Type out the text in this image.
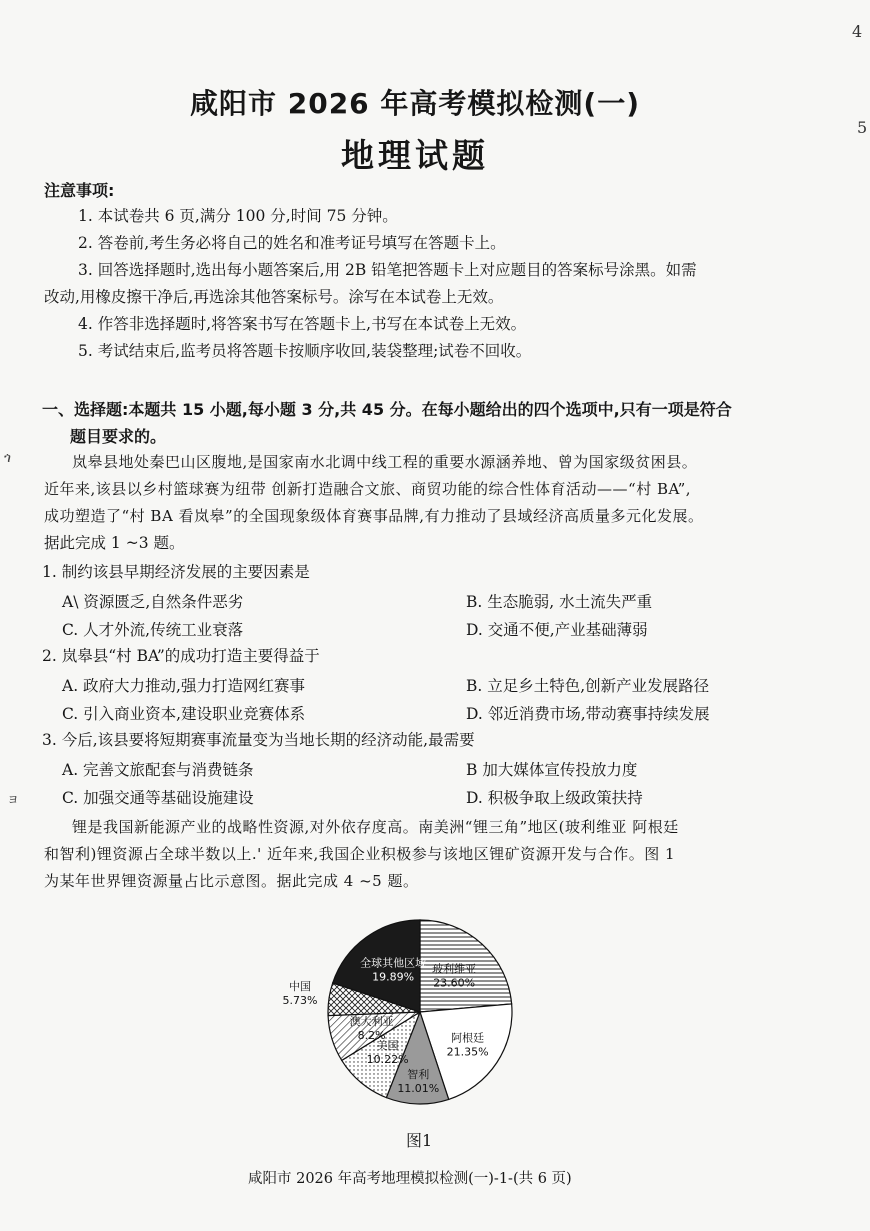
4
5
ጎ
ョ
咸阳市 2026 年高考模拟检测(一)
地理试题
注意事项:
1. 本试卷共 6 页,满分 100 分,时间 75 分钟。
2. 答卷前,考生务必将自己的姓名和准考证号填写在答题卡上。
3. 回答选择题时,选出每小题答案后,用 2B 铅笔把答题卡上对应题目的答案标号涂黑。如需
改动,用橡皮擦干净后,再选涂其他答案标号。涂写在本试卷上无效。
4. 作答非选择题时,将答案书写在答题卡上,书写在本试卷上无效。
5. 考试结束后,监考员将答题卡按顺序收回,装袋整理;试卷不回收。
一、选择题:本题共 15 小题,每小题 3 分,共 45 分。在每小题给出的四个选项中,只有一项是符合
题目要求的。
岚皋县地处秦巴山区腹地,是国家南水北调中线工程的重要水源涵养地、曾为国家级贫困县。
近年来,该县以乡村篮球赛为纽带 创新打造融合文旅、商贸功能的综合性体育活动——“村 BA”,
成功塑造了“村 BA 看岚皋”的全国现象级体育赛事品牌,有力推动了县域经济高质量多元化发展。
据此完成 1 ~3 题。
1. 制约该县早期经济发展的主要因素是
A\ 资源匮乏,自然条件恶劣	B. 生态脆弱, 水土流失严重
C. 人才外流,传统工业衰落	D. 交通不便,产业基础薄弱
2. 岚皋县“村 BA”的成功打造主要得益于
A. 政府大力推动,强力打造网红赛事	B. 立足乡土特色,创新产业发展路径
C. 引入商业资本,建设职业竞赛体系	D. 邻近消费市场,带动赛事持续发展
3. 今后,该县要将短期赛事流量变为当地长期的经济动能,最需要
A. 完善文旅配套与消费链条	B 加大媒体宣传投放力度
C. 加强交通等基础设施建设	D. 积极争取上级政策扶持
锂是我国新能源产业的战略性资源,对外依存度高。南美洲“锂三角”地区(玻利维亚 阿根廷
和智利)锂资源占全球半数以上.' 近年来,我国企业积极参与该地区锂矿资源开发与合作。图 1
为某年世界锂资源量占比示意图。据此完成 4 ~5 题。
玻利维亚
23.60%
阿根廷
21.35%
智利
11.01%
美国
10.22%
澳大利亚
8.2%
中国
5.73%
全球其他区域
19.89%
图1
咸阳市 2026 年高考地理模拟检测(一)-1-(共 6 页)
